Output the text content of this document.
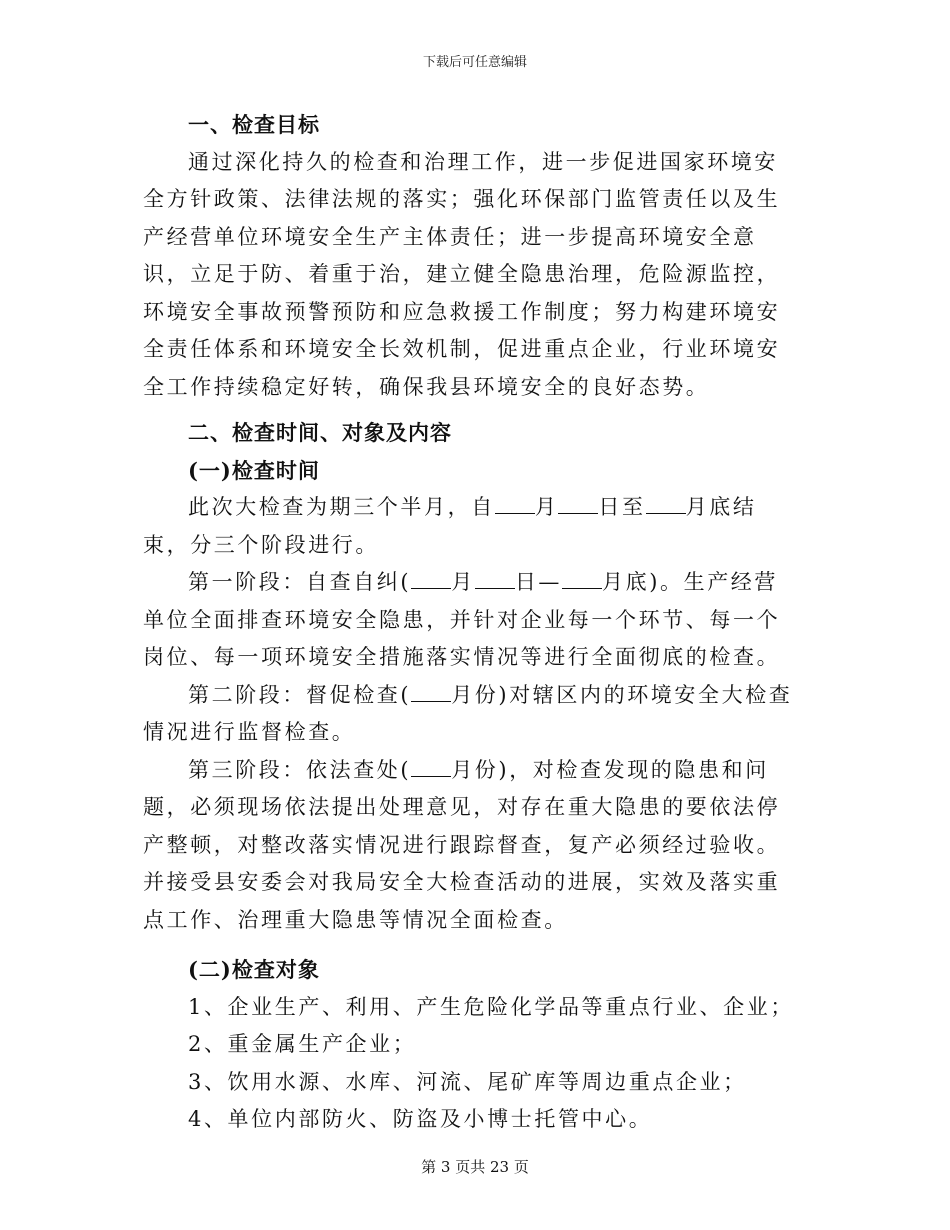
下载后可任意编辑

一、检查目标

通过深化持久的检查和治理工作，进一步促进国家环境安全方针政策、法律法规的落实；强化环保部门监管责任以及生产经营单位环境安全生产主体责任；进一步提高环境安全意识，立足于防、着重于治，建立健全隐患治理，危险源监控，环境安全事故预警预防和应急救援工作制度；努力构建环境安全责任体系和环境安全长效机制，促进重点企业，行业环境安全工作持续稳定好转，确保我县环境安全的良好态势。

二、检查时间、对象及内容

(一)检查时间

此次大检查为期三个半月，自 月 日至 月底结束，分三个阶段进行。

第一阶段：自查自纠( 月 日— 月底)。生产经营单位全面排查环境安全隐患，并针对企业每一个环节、每一个岗位、每一项环境安全措施落实情况等进行全面彻底的检查。

第二阶段：督促检查( 月份)对辖区内的环境安全大检查情况进行监督检查。

第三阶段：依法查处( 月份)，对检查发现的隐患和问题，必须现场依法提出处理意见，对存在重大隐患的要依法停产整顿，对整改落实情况进行跟踪督查，复产必须经过验收。并接受县安委会对我局安全大检查活动的进展，实效及落实重点工作、治理重大隐患等情况全面检查。

(二)检查对象

1、企业生产、利用、产生危险化学品等重点行业、企业；

2、重金属生产企业；

3、饮用水源、水库、河流、尾矿库等周边重点企业；

4、单位内部防火、防盗及小博士托管中心。

第 3 页共 23 页
